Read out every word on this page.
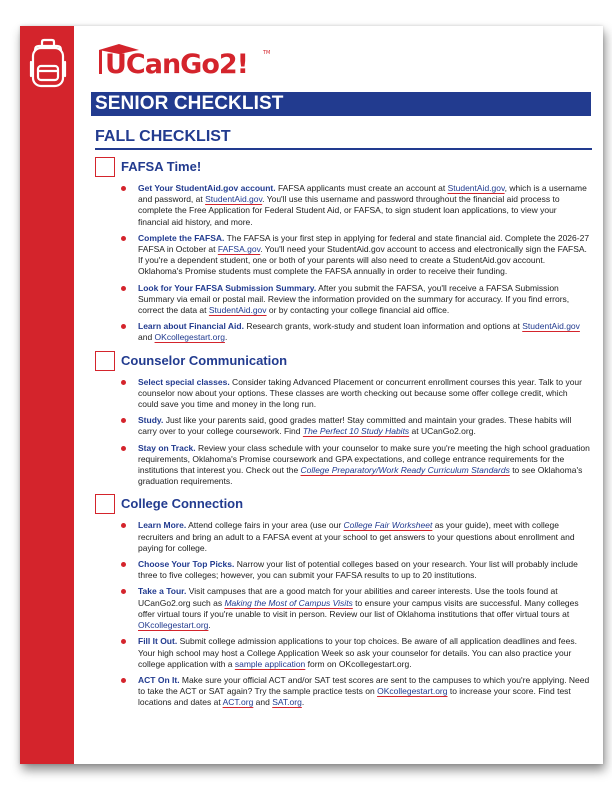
UCanGo2!	TM
SENIOR CHECKLIST
FALL CHECKLIST
FAFSA Time!
Get Your StudentAid.gov account. FAFSA applicants must create an account at StudentAid.gov, which is a username and password, at StudentAid.gov. You'll use this username and password throughout the financial aid process to complete the Free Application for Federal Student Aid, or FAFSA, to sign student loan applications, to view your financial aid history, and more.
Complete the FAFSA. The FAFSA is your first step in applying for federal and state financial aid. Complete the 2026-27 FAFSA in October at FAFSA.gov. You'll need your StudentAid.gov account to access and electronically sign the FAFSA. If you're a dependent student, one or both of your parents will also need to create a StudentAid.gov account. Oklahoma's Promise students must complete the FAFSA annually in order to receive their funding.
Look for Your FAFSA Submission Summary. After you submit the FAFSA, you'll receive a FAFSA Submission Summary via email or postal mail. Review the information provided on the summary for accuracy. If you find errors, correct the data at StudentAid.gov or by contacting your college financial aid office.
Learn about Financial Aid. Research grants, work-study and student loan information and options at StudentAid.gov and OKcollegestart.org.
Counselor Communication
Select special classes. Consider taking Advanced Placement or concurrent enrollment courses this year. Talk to your counselor now about your options. These classes are worth checking out because some offer college credit, which could save you time and money in the long run.
Study. Just like your parents said, good grades matter! Stay committed and maintain your grades. These habits will carry over to your college coursework. Find The Perfect 10 Study Habits at UCanGo2.org.
Stay on Track. Review your class schedule with your counselor to make sure you're meeting the high school graduation requirements, Oklahoma's Promise coursework and GPA expectations, and college entrance requirements for the institutions that interest you. Check out the College Preparatory/Work Ready Curriculum Standards to see Oklahoma's graduation requirements.
College Connection
Learn More. Attend college fairs in your area (use our College Fair Worksheet as your guide), meet with college recruiters and bring an adult to a FAFSA event at your school to get answers to your questions about enrollment and paying for college.
Choose Your Top Picks. Narrow your list of potential colleges based on your research. Your list will probably include three to five colleges; however, you can submit your FAFSA results to up to 20 institutions.
Take a Tour. Visit campuses that are a good match for your abilities and career interests. Use the tools found at UCanGo2.org such as Making the Most of Campus Visits to ensure your campus visits are successful. Many colleges offer virtual tours if you're unable to visit in person. Review our list of Oklahoma institutions that offer virtual tours at OKcollegestart.org.
Fill It Out. Submit college admission applications to your top choices. Be aware of all application deadlines and fees. Your high school may host a College Application Week so ask your counselor for details. You can also practice your college application with a sample application form on OKcollegestart.org.
ACT On It. Make sure your official ACT and/or SAT test scores are sent to the campuses to which you're applying. Need to take the ACT or SAT again? Try the sample practice tests on OKcollegestart.org to increase your score. Find test locations and dates at ACT.org and SAT.org.
